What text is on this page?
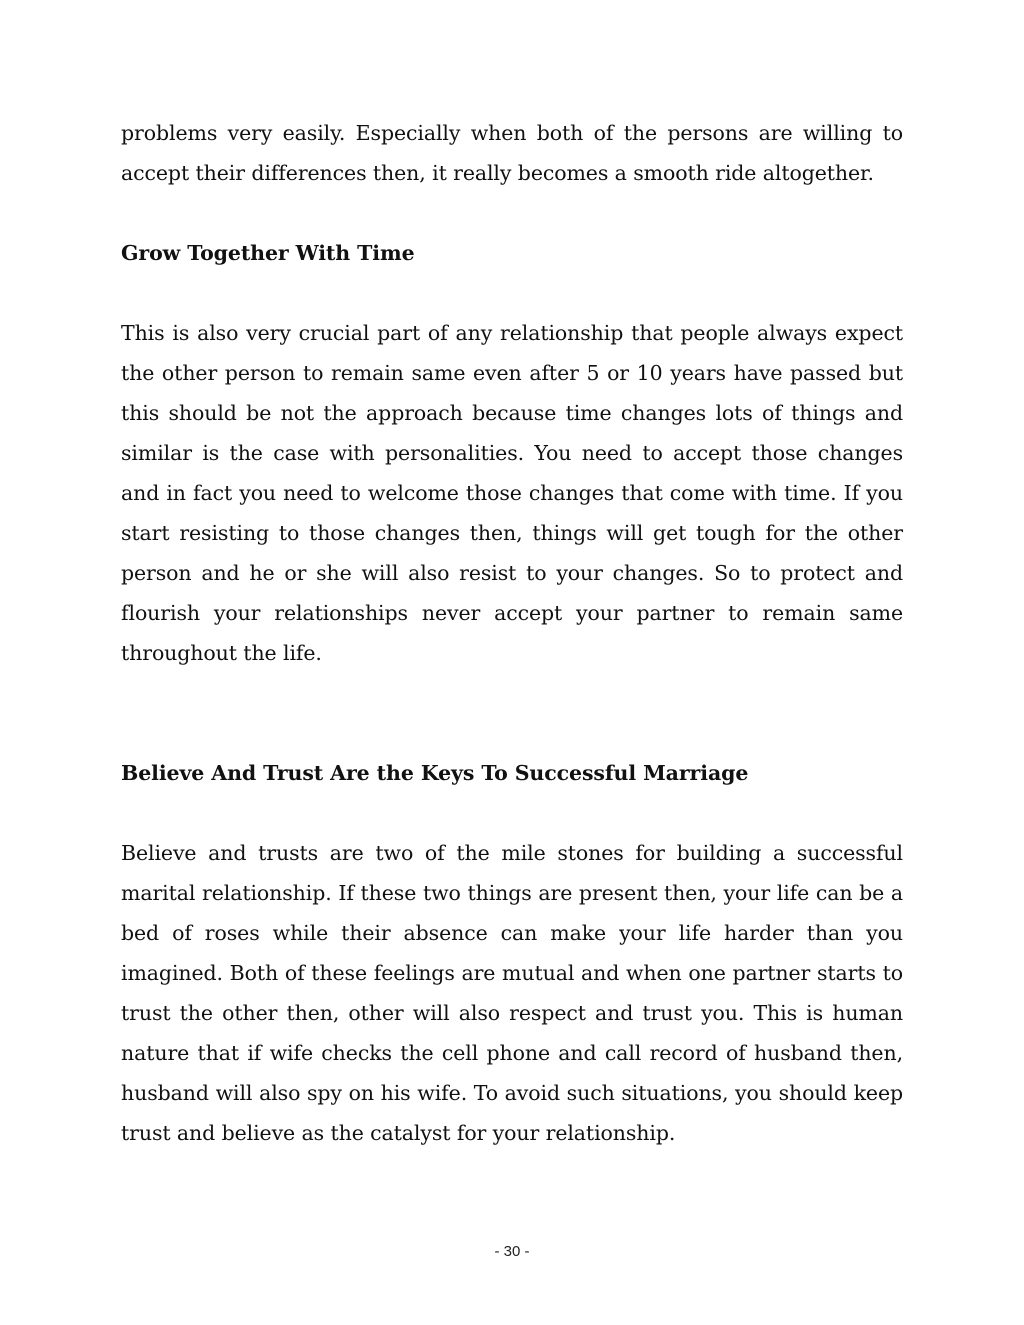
problems very easily. Especially when both of the persons are willing to accept their differences then, it really becomes a smooth ride altogether.

Grow Together With Time

This is also very crucial part of any relationship that people always expect the other person to remain same even after 5 or 10 years have passed but this should be not the approach because time changes lots of things and similar is the case with personalities. You need to accept those changes and in fact you need to welcome those changes that come with time. If you start resisting to those changes then, things will get tough for the other person and he or she will also resist to your changes. So to protect and flourish your relationships never accept your partner to remain same throughout the life.

Believe And Trust Are the Keys To Successful Marriage

Believe and trusts are two of the mile stones for building a successful marital relationship. If these two things are present then, your life can be a bed of roses while their absence can make your life harder than you imagined. Both of these feelings are mutual and when one partner starts to trust the other then, other will also respect and trust you. This is human nature that if wife checks the cell phone and call record of husband then, husband will also spy on his wife. To avoid such situations, you should keep trust and believe as the catalyst for your relationship.

- 30 -
